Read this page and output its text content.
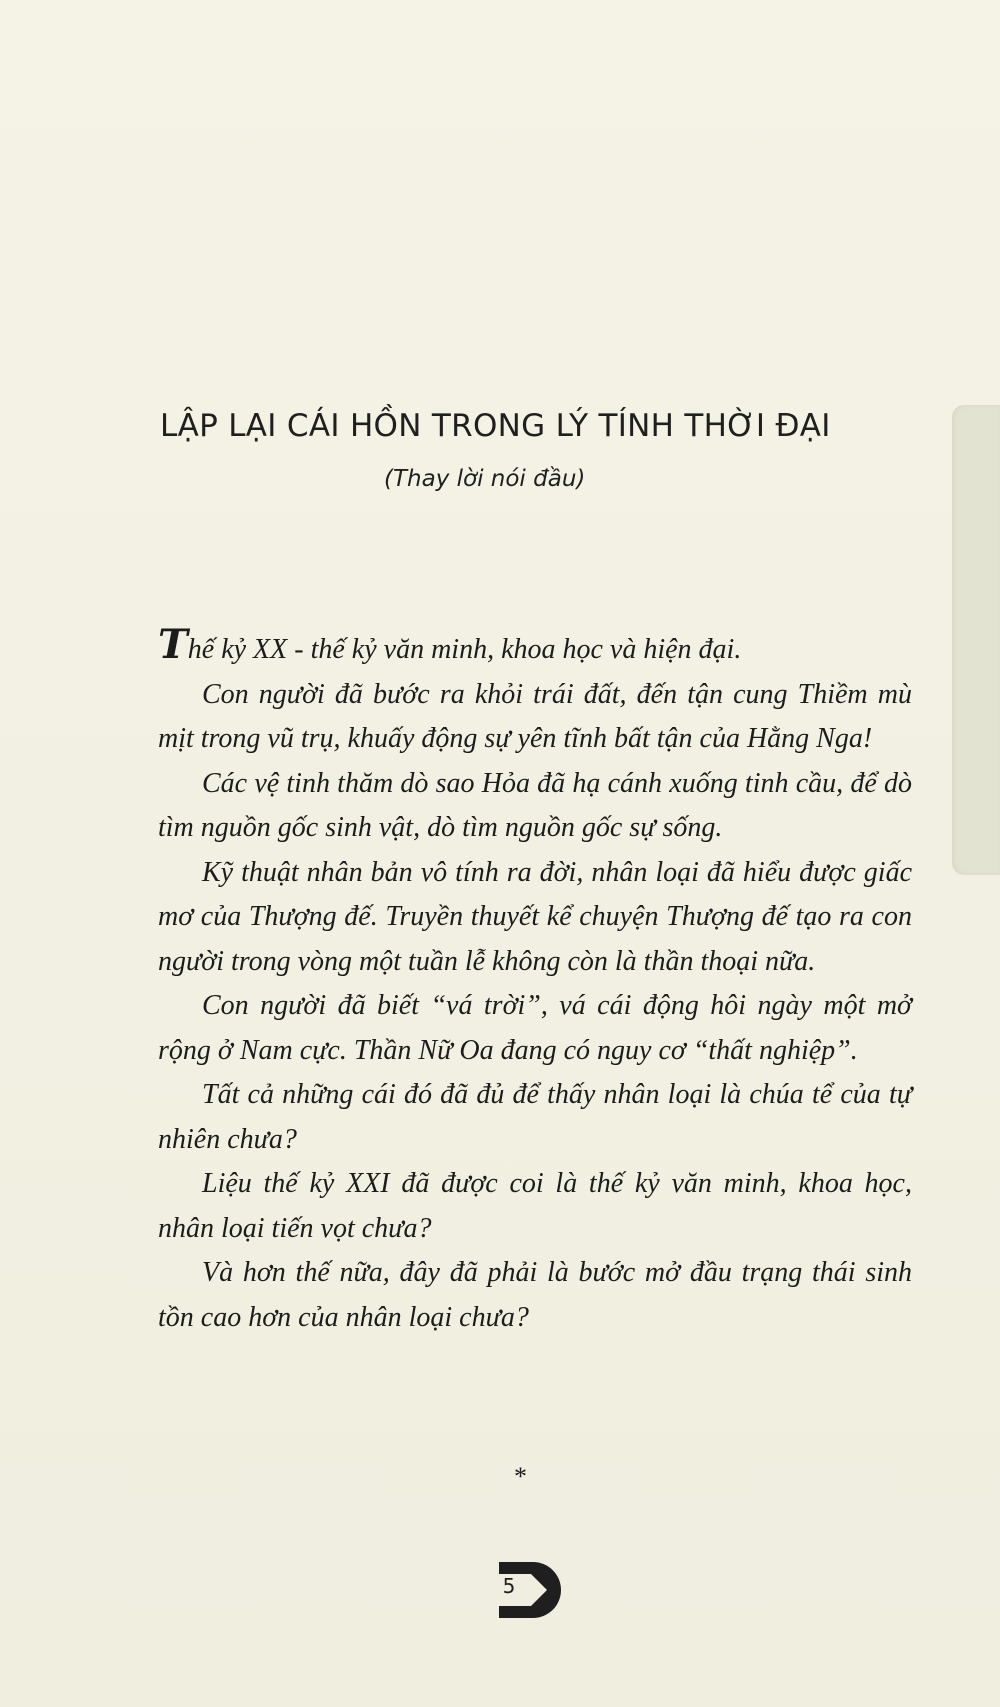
LẬP LẠI CÁI HỒN TRONG LÝ TÍNH THỜI ĐẠI
(Thay lời nói đầu)

Thế kỷ XX - thế kỷ văn minh, khoa học và hiện đại.

Con người đã bước ra khỏi trái đất, đến tận cung Thiềm mù mịt trong vũ trụ, khuấy động sự yên tĩnh bất tận của Hằng Nga!

Các vệ tinh thăm dò sao Hỏa đã hạ cánh xuống tinh cầu, để dò tìm nguồn gốc sinh vật, dò tìm nguồn gốc sự sống.

Kỹ thuật nhân bản vô tính ra đời, nhân loại đã hiểu được giấc mơ của Thượng đế. Truyền thuyết kể chuyện Thượng đế tạo ra con người trong vòng một tuần lễ không còn là thần thoại nữa.

Con người đã biết “vá trời”, vá cái động hôi ngày một mở rộng ở Nam cực. Thần Nữ Oa đang có nguy cơ “thất nghiệp”.

Tất cả những cái đó đã đủ để thấy nhân loại là chúa tể của tự nhiên chưa?

Liệu thế kỷ XXI đã được coi là thế kỷ văn minh, khoa học, nhân loại tiến vọt chưa?

Và hơn thế nữa, đây đã phải là bước mở đầu trạng thái sinh tồn cao hơn của nhân loại chưa?

*
5
